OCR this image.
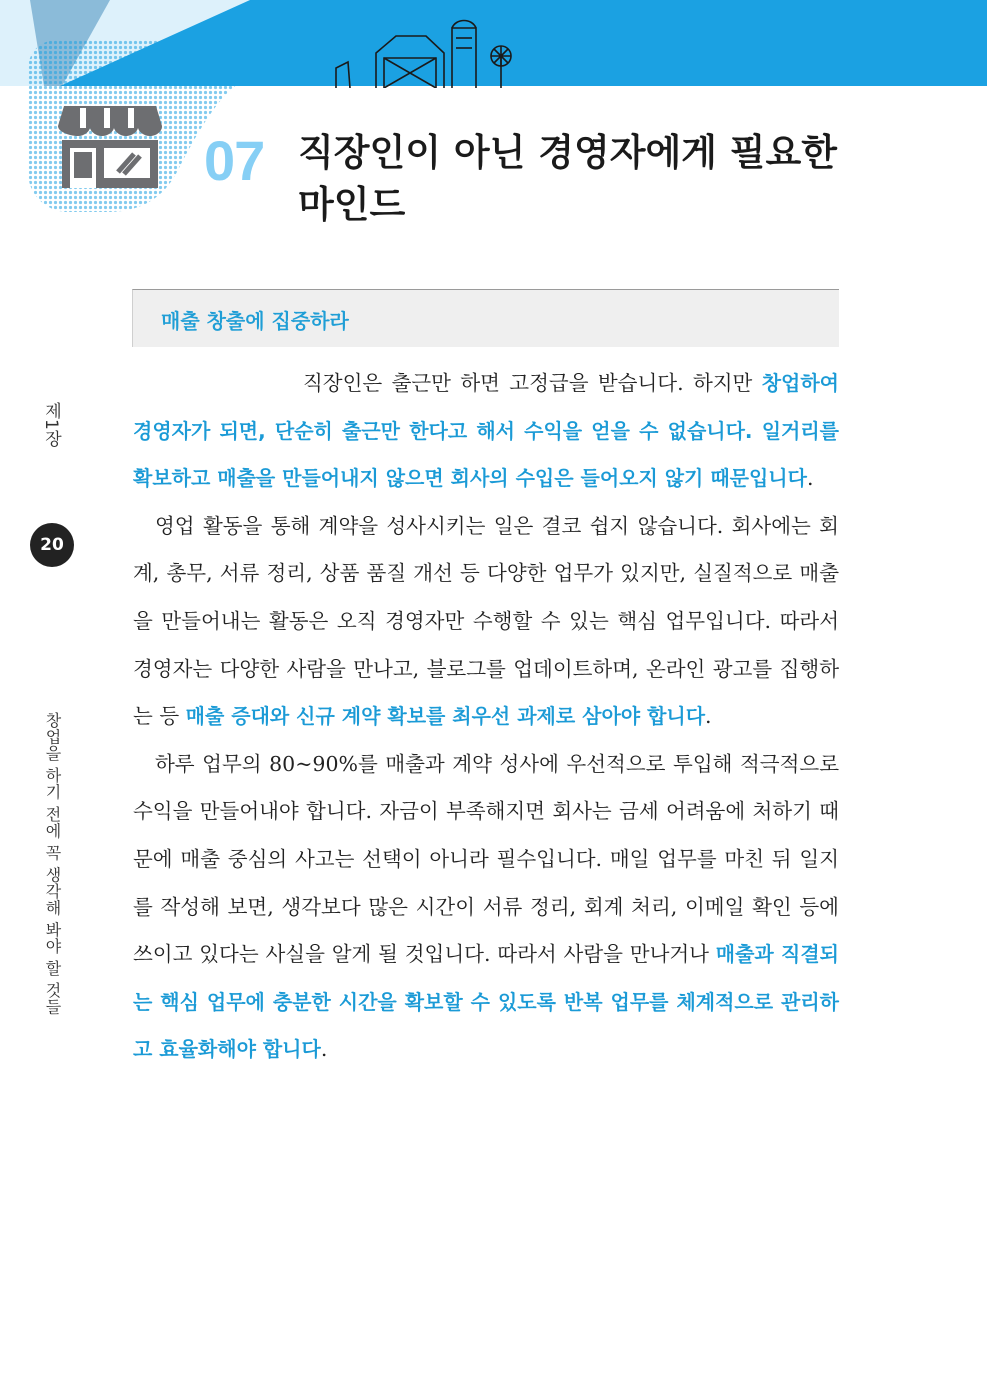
07 직장인이 아닌 경영자에게 필요한
마인드
매출 창출에 집중하라
제1장
20
창업을 하기 전에 꼭 생각해 봐야 할 것들

직장인은 출근만 하면 고정급을 받습니다. 하지만 창업하여 경영자가 되면, 단순히 출근만 한다고 해서 수익을 얻을 수 없습니다. 일거리를 확보하고 매출을 만들어내지 않으면 회사의 수입은 들어오지 않기 때문입니다.

영업 활동을 통해 계약을 성사시키는 일은 결코 쉽지 않습니다. 회사에는 회계, 총무, 서류 정리, 상품 품질 개선 등 다양한 업무가 있지만, 실질적으로 매출을 만들어내는 활동은 오직 경영자만 수행할 수 있는 핵심 업무입니다. 따라서 경영자는 다양한 사람을 만나고, 블로그를 업데이트하며, 온라인 광고를 집행하는 등 매출 증대와 신규 계약 확보를 최우선 과제로 삼아야 합니다.

하루 업무의 80~90%를 매출과 계약 성사에 우선적으로 투입해 적극적으로 수익을 만들어내야 합니다. 자금이 부족해지면 회사는 금세 어려움에 처하기 때문에 매출 중심의 사고는 선택이 아니라 필수입니다. 매일 업무를 마친 뒤 일지를 작성해 보면, 생각보다 많은 시간이 서류 정리, 회계 처리, 이메일 확인 등에 쓰이고 있다는 사실을 알게 될 것입니다. 따라서 사람을 만나거나 매출과 직결되는 핵심 업무에 충분한 시간을 확보할 수 있도록 반복 업무를 체계적으로 관리하고 효율화해야 합니다.
